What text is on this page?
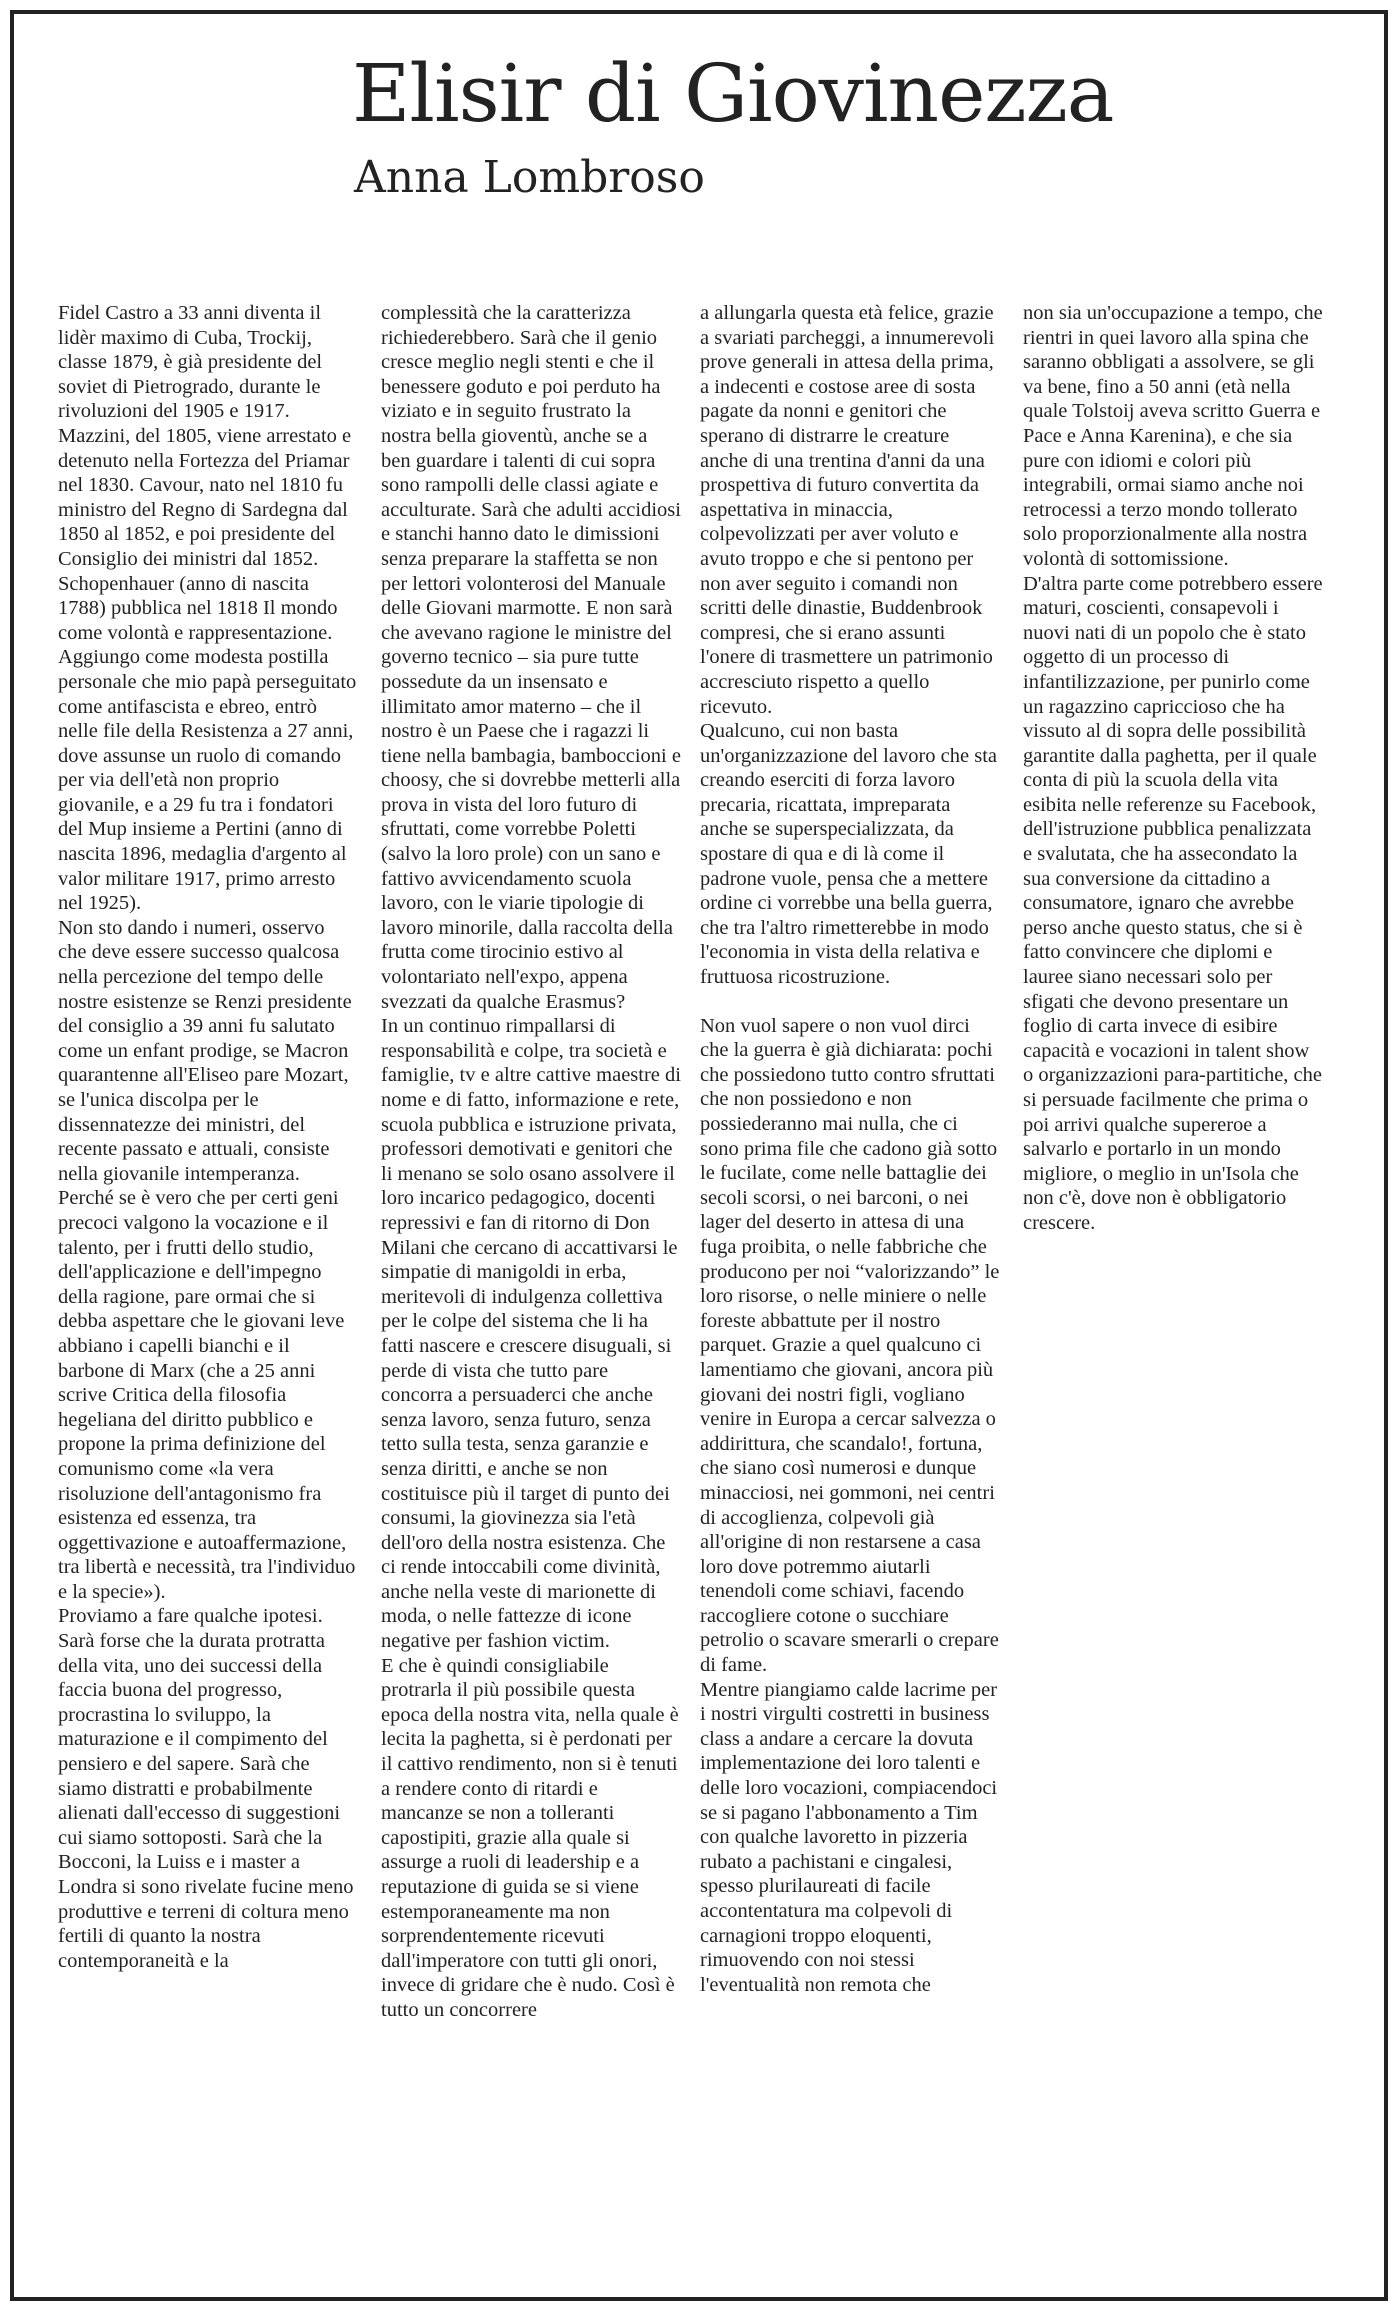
Elisir di Giovinezza
Anna Lombroso

Fidel Castro a 33 anni diventa il lidèr maximo di Cuba, Trockij, classe 1879, è già presidente del soviet di Pietrogrado, durante le rivoluzioni del 1905 e 1917. Mazzini, del 1805, viene arrestato e detenuto nella Fortezza del Priamar nel 1830. Cavour, nato nel 1810 fu ministro del Regno di Sardegna dal 1850 al 1852, e poi presidente del Consiglio dei ministri dal 1852. Schopenhauer (anno di nascita 1788) pubblica nel 1818 Il mondo come volontà e rappresentazione. Aggiungo come modesta postilla personale che mio papà perseguitato come antifascista e ebreo, entrò nelle file della Resistenza a 27 anni, dove assunse un ruolo di comando per via dell'età non proprio giovanile, e a 29 fu tra i fondatori del Mup insieme a Pertini (anno di nascita 1896, medaglia d'argento al valor militare 1917, primo arresto nel 1925).

Non sto dando i numeri, osservo che deve essere successo qualcosa nella percezione del tempo delle nostre esistenze se Renzi presidente del consiglio a 39 anni fu salutato come un enfant prodige, se Macron quarantenne all'Eliseo pare Mozart, se l'unica discolpa per le dissennatezze dei ministri, del recente passato e attuali, consiste nella giovanile intemperanza.

Perché se è vero che per certi geni precoci valgono la vocazione e il talento, per i frutti dello studio, dell'applicazione e dell'impegno della ragione, pare ormai che si debba aspettare che le giovani leve abbiano i capelli bianchi e il barbone di Marx (che a 25 anni scrive Critica della filosofia hegeliana del diritto pubblico e propone la prima definizione del comunismo come «la vera risoluzione dell'antagonismo fra esistenza ed essenza, tra oggettivazione e autoaffermazione, tra libertà e necessità, tra l'individuo e la specie»).

Proviamo a fare qualche ipotesi. Sarà forse che la durata protratta della vita, uno dei successi della faccia buona del progresso, procrastina lo sviluppo, la maturazione e il compimento del pensiero e del sapere. Sarà che siamo distratti e probabilmente alienati dall'eccesso di suggestioni cui siamo sottoposti. Sarà che la Bocconi, la Luiss e i master a Londra si sono rivelate fucine meno produttive e terreni di coltura meno fertili di quanto la nostra contemporaneità e la

complessità che la caratterizza richiederebbero. Sarà che il genio cresce meglio negli stenti e che il benessere goduto e poi perduto ha viziato e in seguito frustrato la nostra bella gioventù, anche se a ben guardare i talenti di cui sopra sono rampolli delle classi agiate e acculturate. Sarà che adulti accidiosi e stanchi hanno dato le dimissioni senza preparare la staffetta se non per lettori volonterosi del Manuale delle Giovani marmotte. E non sarà che avevano ragione le ministre del governo tecnico – sia pure tutte possedute da un insensato e illimitato amor materno – che il nostro è un Paese che i ragazzi li tiene nella bambagia, bamboccioni e choosy, che si dovrebbe metterli alla prova in vista del loro futuro di sfruttati, come vorrebbe Poletti (salvo la loro prole) con un sano e fattivo avvicendamento scuola lavoro, con le viarie tipologie di lavoro minorile, dalla raccolta della frutta come tirocinio estivo al volontariato nell'expo, appena svezzati da qualche Erasmus?

In un continuo rimpallarsi di responsabilità e colpe, tra società e famiglie, tv e altre cattive maestre di nome e di fatto, informazione e rete, scuola pubblica e istruzione privata, professori demotivati e genitori che li menano se solo osano assolvere il loro incarico pedagogico, docenti repressivi e fan di ritorno di Don Milani che cercano di accattivarsi le simpatie di manigoldi in erba, meritevoli di indulgenza collettiva per le colpe del sistema che li ha fatti nascere e crescere disuguali, si perde di vista che tutto pare concorra a persuaderci che anche senza lavoro, senza futuro, senza tetto sulla testa, senza garanzie e senza diritti, e anche se non costituisce più il target di punto dei consumi, la giovinezza sia l'età dell'oro della nostra esistenza. Che ci rende intoccabili come divinità, anche nella veste di marionette di moda, o nelle fattezze di icone negative per fashion victim.

E che è quindi consigliabile protrarla il più possibile questa epoca della nostra vita, nella quale è lecita la paghetta, si è perdonati per il cattivo rendimento, non si è tenuti a rendere conto di ritardi e mancanze se non a tolleranti capostipiti, grazie alla quale si assurge a ruoli di leadership e a reputazione di guida se si viene estemporaneamente ma non sorprendentemente ricevuti dall'imperatore con tutti gli onori, invece di gridare che è nudo. Così è tutto un concorrere

a allungarla questa età felice, grazie a svariati parcheggi, a innumerevoli prove generali in attesa della prima, a indecenti e costose aree di sosta pagate da nonni e genitori che sperano di distrarre le creature anche di una trentina d'anni da una prospettiva di futuro convertita da aspettativa in minaccia, colpevolizzati per aver voluto e avuto troppo e che si pentono per non aver seguito i comandi non scritti delle dinastie, Buddenbrook compresi, che si erano assunti l'onere di trasmettere un patrimonio accresciuto rispetto a quello ricevuto.

Qualcuno, cui non basta un'organizzazione del lavoro che sta creando eserciti di forza lavoro precaria, ricattata, impreparata anche se superspecializzata, da spostare di qua e di là come il padrone vuole, pensa che a mettere ordine ci vorrebbe una bella guerra, che tra l'altro rimetterebbe in modo l'economia in vista della relativa e fruttuosa ricostruzione.

Non vuol sapere o non vuol dirci che la guerra è già dichiarata: pochi che possiedono tutto contro sfruttati che non possiedono e non possiederanno mai nulla, che ci sono prima file che cadono già sotto le fucilate, come nelle battaglie dei secoli scorsi, o nei barconi, o nei lager del deserto in attesa di una fuga proibita, o nelle fabbriche che producono per noi “valorizzando” le loro risorse, o nelle miniere o nelle foreste abbattute per il nostro parquet. Grazie a quel qualcuno ci lamentiamo che giovani, ancora più giovani dei nostri figli, vogliano venire in Europa a cercar salvezza o addirittura, che scandalo!, fortuna, che siano così numerosi e dunque minacciosi, nei gommoni, nei centri di accoglienza, colpevoli già all'origine di non restarsene a casa loro dove potremmo aiutarli tenendoli come schiavi, facendo raccogliere cotone o succhiare petrolio o scavare smerarli o crepare di fame.

Mentre piangiamo calde lacrime per i nostri virgulti costretti in business class a andare a cercare la dovuta implementazione dei loro talenti e delle loro vocazioni, compiacendoci se si pagano l'abbonamento a Tim con qualche lavoretto in pizzeria rubato a pachistani e cingalesi, spesso plurilaureati di facile accontentatura ma colpevoli di carnagioni troppo eloquenti, rimuovendo con noi stessi l'eventualità non remota che

non sia un'occupazione a tempo, che rientri in quei lavoro alla spina che saranno obbligati a assolvere, se gli va bene, fino a 50 anni (età nella quale Tolstoij aveva scritto Guerra e Pace e Anna Karenina), e che sia pure con idiomi e colori più integrabili, ormai siamo anche noi retrocessi a terzo mondo tollerato solo proporzionalmente alla nostra volontà di sottomissione.

D'altra parte come potrebbero essere maturi, coscienti, consapevoli i nuovi nati di un popolo che è stato oggetto di un processo di infantilizzazione, per punirlo come un ragazzino capriccioso che ha vissuto al di sopra delle possibilità garantite dalla paghetta, per il quale conta di più la scuola della vita esibita nelle referenze su Facebook, dell'istruzione pubblica penalizzata e svalutata, che ha assecondato la sua conversione da cittadino a consumatore, ignaro che avrebbe perso anche questo status, che si è fatto convincere che diplomi e lauree siano necessari solo per sfigati che devono presentare un foglio di carta invece di esibire capacità e vocazioni in talent show o organizzazioni para-partitiche, che si persuade facilmente che prima o poi arrivi qualche supereroe a salvarlo e portarlo in un mondo migliore, o meglio in un'Isola che non c'è, dove non è obbligatorio crescere.
